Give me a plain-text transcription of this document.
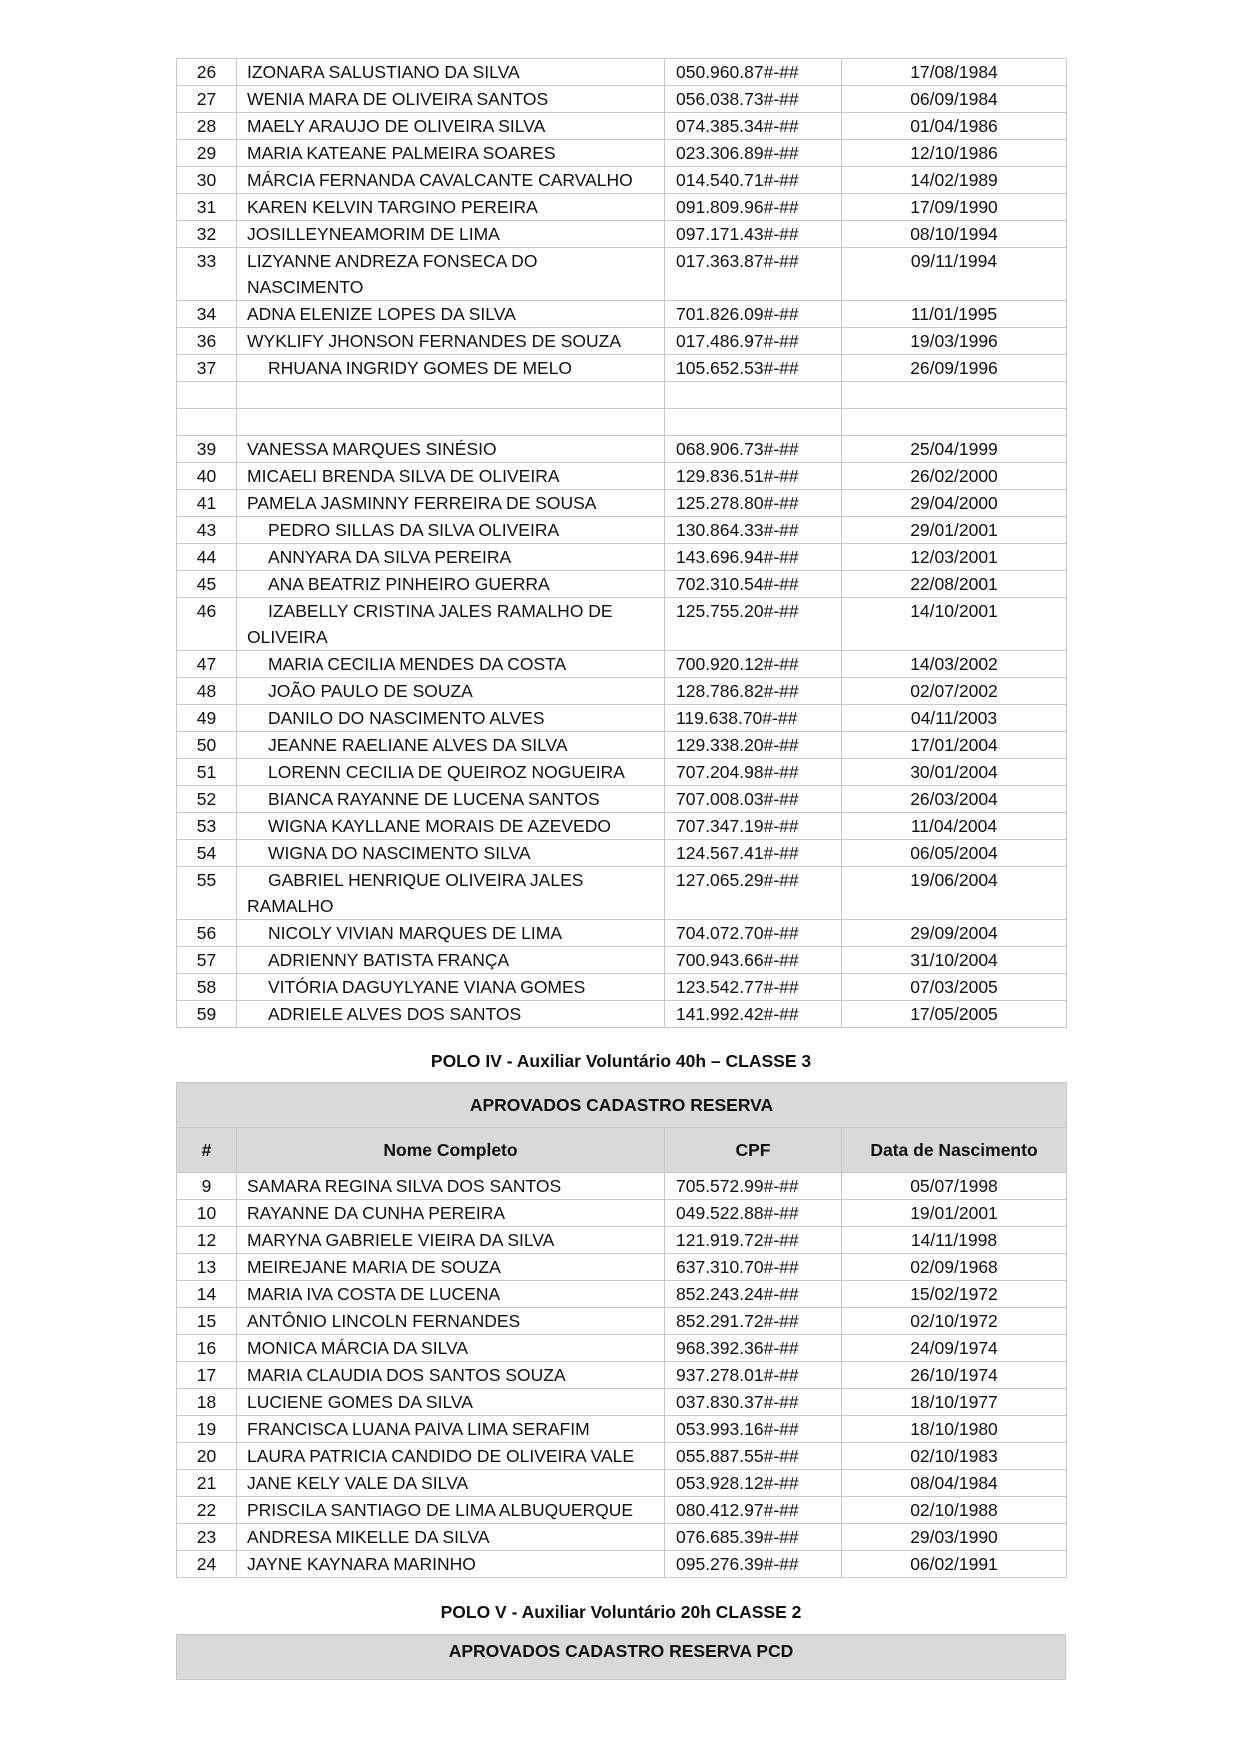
26	IZONARA SALUSTIANO DA SILVA	050.960.87#-##	17/08/1984
27	WENIA MARA DE OLIVEIRA SANTOS	056.038.73#-##	06/09/1984
28	MAELY ARAUJO DE OLIVEIRA SILVA	074.385.34#-##	01/04/1986
29	MARIA KATEANE PALMEIRA SOARES	023.306.89#-##	12/10/1986
30	MÁRCIA FERNANDA CAVALCANTE CARVALHO	014.540.71#-##	14/02/1989
31	KAREN KELVIN TARGINO PEREIRA	091.809.96#-##	17/09/1990
32	JOSILLEYNEAMORIM DE LIMA	097.171.43#-##	08/10/1994
33	LIZYANNE ANDREZA FONSECA DO NASCIMENTO	017.363.87#-##	09/11/1994
34	ADNA ELENIZE LOPES DA SILVA	701.826.09#-##	11/01/1995
36	WYKLIFY JHONSON FERNANDES DE SOUZA	017.486.97#-##	19/03/1996
37	RHUANA INGRIDY GOMES DE MELO	105.652.53#-##	26/09/1996

39	VANESSA MARQUES SINÉSIO	068.906.73#-##	25/04/1999
40	MICAELI BRENDA SILVA DE OLIVEIRA	129.836.51#-##	26/02/2000
41	PAMELA JASMINNY FERREIRA DE SOUSA	125.278.80#-##	29/04/2000
43	PEDRO SILLAS DA SILVA OLIVEIRA	130.864.33#-##	29/01/2001
44	ANNYARA DA SILVA PEREIRA	143.696.94#-##	12/03/2001
45	ANA BEATRIZ PINHEIRO GUERRA	702.310.54#-##	22/08/2001
46	IZABELLY CRISTINA JALES RAMALHO DE OLIVEIRA	125.755.20#-##	14/10/2001
47	MARIA CECILIA MENDES DA COSTA	700.920.12#-##	14/03/2002
48	JOÃO PAULO DE SOUZA	128.786.82#-##	02/07/2002
49	DANILO DO NASCIMENTO ALVES	119.638.70#-##	04/11/2003
50	JEANNE RAELIANE ALVES DA SILVA	129.338.20#-##	17/01/2004
51	LORENN CECILIA DE QUEIROZ NOGUEIRA	707.204.98#-##	30/01/2004
52	BIANCA RAYANNE DE LUCENA SANTOS	707.008.03#-##	26/03/2004
53	WIGNA KAYLLANE MORAIS DE AZEVEDO	707.347.19#-##	11/04/2004
54	WIGNA DO NASCIMENTO SILVA	124.567.41#-##	06/05/2004
55	GABRIEL HENRIQUE OLIVEIRA JALES RAMALHO	127.065.29#-##	19/06/2004
56	NICOLY VIVIAN MARQUES DE LIMA	704.072.70#-##	29/09/2004
57	ADRIENNY BATISTA FRANÇA	700.943.66#-##	31/10/2004
58	VITÓRIA DAGUYLYANE VIANA GOMES	123.542.77#-##	07/03/2005
59	ADRIELE ALVES DOS SANTOS	141.992.42#-##	17/05/2005
POLO IV - Auxiliar Voluntário 40h – CLASSE 3
APROVADOS CADASTRO RESERVA			
#	Nome Completo	CPF	Data de Nascimento
9	SAMARA REGINA SILVA DOS SANTOS	705.572.99#-##	05/07/1998
10	RAYANNE DA CUNHA PEREIRA	049.522.88#-##	19/01/2001
12	MARYNA GABRIELE VIEIRA DA SILVA	121.919.72#-##	14/11/1998
13	MEIREJANE MARIA DE SOUZA	637.310.70#-##	02/09/1968
14	MARIA IVA COSTA DE LUCENA	852.243.24#-##	15/02/1972
15	ANTÔNIO LINCOLN FERNANDES	852.291.72#-##	02/10/1972
16	MONICA MÁRCIA DA SILVA	968.392.36#-##	24/09/1974
17	MARIA CLAUDIA DOS SANTOS SOUZA	937.278.01#-##	26/10/1974
18	LUCIENE GOMES DA SILVA	037.830.37#-##	18/10/1977
19	FRANCISCA LUANA PAIVA LIMA SERAFIM	053.993.16#-##	18/10/1980
20	LAURA PATRICIA CANDIDO DE OLIVEIRA VALE	055.887.55#-##	02/10/1983
21	JANE KELY VALE DA SILVA	053.928.12#-##	08/04/1984
22	PRISCILA SANTIAGO DE LIMA ALBUQUERQUE	080.412.97#-##	02/10/1988
23	ANDRESA MIKELLE DA SILVA	076.685.39#-##	29/03/1990
24	JAYNE KAYNARA MARINHO	095.276.39#-##	06/02/1991
POLO V - Auxiliar Voluntário 20h CLASSE 2
APROVADOS CADASTRO RESERVA PCD
